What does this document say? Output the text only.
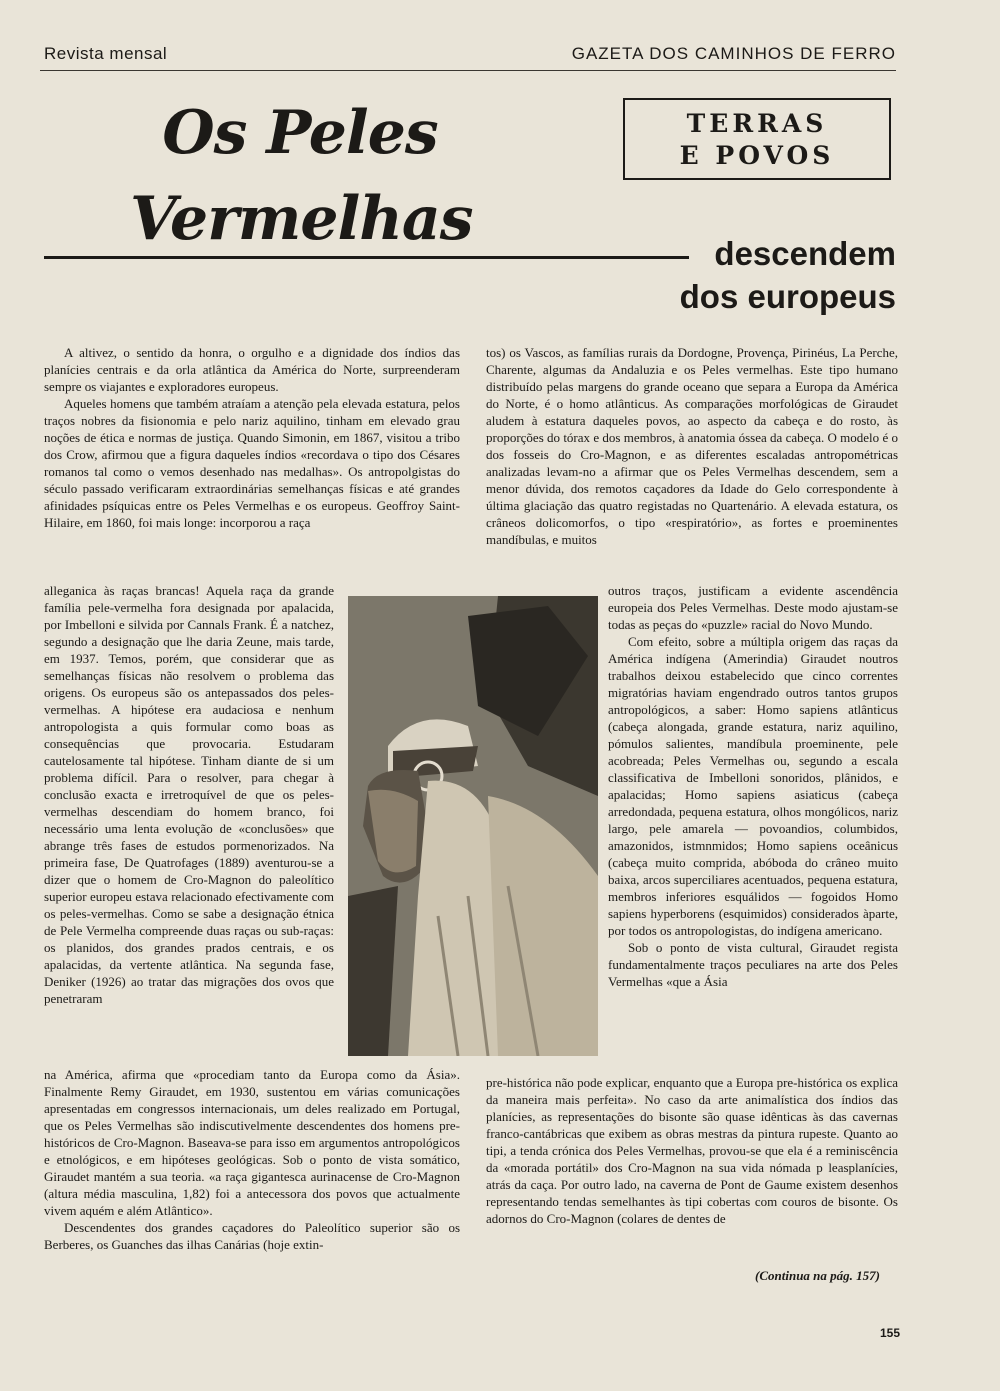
Revista mensal	GAZETA DOS CAMINHOS DE FERRO
Os Peles
Vermelhas
TERRAS
E POVOS
descendem
dos europeus

A altivez, o sentido da honra, o orgulho e a dignidade dos índios das planícies centrais e da orla atlântica da América do Norte, surpreenderam sempre os viajantes e exploradores europeus.

Aqueles homens que também atraíam a atenção pela elevada estatura, pelos traços nobres da fisionomia e pelo nariz aquilino, tinham em elevado grau noções de ética e normas de justiça. Quando Simonin, em 1867, visitou a tribo dos Crow, afirmou que a figura daqueles índios «recordava o tipo dos Césares romanos tal como o vemos desenhado nas medalhas». Os antropolgistas do século passado verificaram extraordinárias semelhanças físicas e até grandes afinidades psíquicas entre os Peles Vermelhas e os europeus. Geoffroy Saint-Hilaire, em 1860, foi mais longe: incorporou a raça

alleganica às raças brancas! Aquela raça da grande família pele-vermelha fora designada por apalacida, por Imbelloni e silvida por Cannals Frank. É a natchez, segundo a designação que lhe daria Zeune, mais tarde, em 1937. Temos, porém, que considerar que as semelhanças físicas não resolvem o problema das origens. Os europeus são os antepassados dos peles-vermelhas. A hipótese era audaciosa e nenhum antropologista a quis formular como boas as consequências que provocaria. Estudaram cautelosamente tal hipótese. Tinham diante de si um problema difícil. Para o resolver, para chegar à conclusão exacta e irretroquível de que os peles-vermelhas descendiam do homem branco, foi necessário uma lenta evolução de «conclusões» que abrange três fases de estudos pormenorizados. Na primeira fase, De Quatrofages (1889) aventurou-se a dizer que o homem de Cro-Magnon do paleolítico superior europeu estava relacionado efectivamente com os peles-vermelhas. Como se sabe a designação étnica de Pele Vermelha compreende duas raças ou sub-raças: os planidos, dos grandes prados centrais, e os apalacidas, da vertente atlântica. Na segunda fase, Deniker (1926) ao tratar das migrações dos ovos que penetraram

na América, afirma que «procediam tanto da Europa como da Ásia». Finalmente Remy Giraudet, em 1930, sustentou em várias comunicações apresentadas em congressos internacionais, um deles realizado em Portugal, que os Peles Vermelhas são indiscutivelmente descendentes dos homens pre-históricos de Cro-Magnon. Baseava-se para isso em argumentos antropológicos e etnológicos, e em hipóteses geológicas. Sob o ponto de vista somático, Giraudet mantém a sua teoria. «a raça gigantesca aurinacense de Cro-Magnon (altura média masculina, 1,82) foi a antecessora dos povos que actualmente vivem aquém e além Atlântico».

Descendentes dos grandes caçadores do Paleolítico superior são os Berberes, os Guanches das ilhas Canárias (hoje extin-

tos) os Vascos, as famílias rurais da Dordogne, Provença, Pirinéus, La Perche, Charente, algumas da Andaluzia e os Peles vermelhas. Este tipo humano distribuído pelas margens do grande oceano que separa a Europa da América do Norte, é o homo atlânticus. As comparações morfológicas de Giraudet aludem à estatura daqueles povos, ao aspecto da cabeça e do rosto, às proporções do tórax e dos membros, à anatomia óssea da cabeça. O modelo é o dos fosseis do Cro-Magnon, e as diferentes escaladas antropométricas analizadas levam-no a afirmar que os Peles Vermelhas descendem, sem a menor dúvida, dos remotos caçadores da Idade do Gelo correspondente à última glaciação das quatro registadas no Quartenário. A elevada estatura, os crâneos dolicomorfos, o tipo «respiratório», as fortes e proeminentes mandíbulas, e muitos

outros traços, justificam a evidente ascendência europeia dos Peles Vermelhas. Deste modo ajustam-se todas as peças do «puzzle» racial do Novo Mundo.

Com efeito, sobre a múltipla origem das raças da América indígena (Amerindia) Giraudet noutros trabalhos deixou estabelecido que cinco correntes migratórias haviam engendrado outros tantos grupos antropológicos, a saber: Homo sapiens atlânticus (cabeça alongada, grande estatura, nariz aquilino, pómulos salientes, mandíbula proeminente, pele acobreada; Peles Vermelhas ou, segundo a escala classificativa de Imbelloni sonoridos, plânidos, e apalacidas; Homo sapiens asiaticus (cabeça arredondada, pequena estatura, olhos mongólicos, nariz largo, pele amarela — povoandios, columbidos, amazonidos, istmnmidos; Homo sapiens oceânicus (cabeça muito comprida, abóboda do crâneo muito baixa, arcos superciliares acentuados, pequena estatura, membros inferiores esquálidos — fogoidos Homo sapiens hyperborens (esquimidos) considerados àparte, por todos os antropologistas, do indígena americano.

Sob o ponto de vista cultural, Giraudet regista fundamentalmente traços peculiares na arte dos Peles Vermelhas «que a Ásia

pre-histórica não pode explicar, enquanto que a Europa pre-histórica os explica da maneira mais perfeita». No caso da arte animalística dos índios das planícies, as representações do bisonte são quase idênticas às das cavernas franco-cantábricas que exibem as obras mestras da pintura rupeste. Quanto ao tipi, a tenda crónica dos Peles Vermelhas, provou-se que ela é a reminiscência da «morada portátil» dos Cro-Magnon na sua vida nómada p leasplanícies, atrás da caça. Por outro lado, na caverna de Pont de Gaume existem desenhos representando tendas semelhantes às tipi cobertas com couros de bisonte. Os adornos do Cro-Magnon (colares de dentes de

(Continua na pág. 157)
155
